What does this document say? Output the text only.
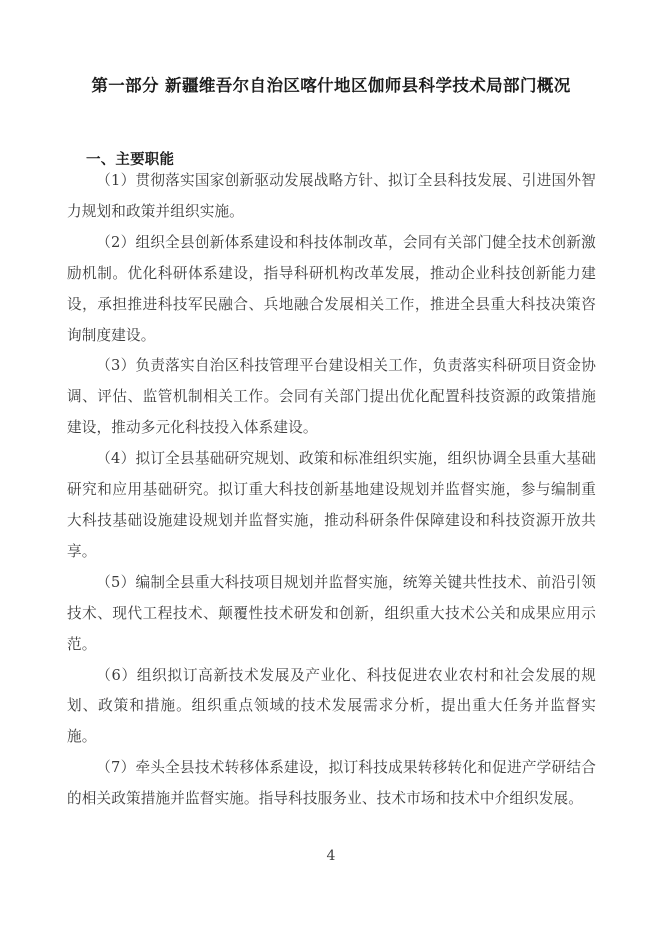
第一部分 新疆维吾尔自治区喀什地区伽师县科学技术局部门概况
一、主要职能

（1）贯彻落实国家创新驱动发展战略方针、拟订全县科技发展、引进国外智力规划和政策并组织实施。

（2）组织全县创新体系建设和科技体制改革，会同有关部门健全技术创新激励机制。优化科研体系建设，指导科研机构改革发展，推动企业科技创新能力建设，承担推进科技军民融合、兵地融合发展相关工作，推进全县重大科技决策咨询制度建设。

（3）负责落实自治区科技管理平台建设相关工作，负责落实科研项目资金协调、评估、监管机制相关工作。会同有关部门提出优化配置科技资源的政策措施建设，推动多元化科技投入体系建设。

（4）拟订全县基础研究规划、政策和标准组织实施，组织协调全县重大基础研究和应用基础研究。拟订重大科技创新基地建设规划并监督实施，参与编制重大科技基础设施建设规划并监督实施，推动科研条件保障建设和科技资源开放共享。

（5）编制全县重大科技项目规划并监督实施，统筹关键共性技术、前沿引领技术、现代工程技术、颠覆性技术研发和创新，组织重大技术公关和成果应用示范。

（6）组织拟订高新技术发展及产业化、科技促进农业农村和社会发展的规划、政策和措施。组织重点领域的技术发展需求分析，提出重大任务并监督实施。

（7）牵头全县技术转移体系建设，拟订科技成果转移转化和促进产学研结合的相关政策措施并监督实施。指导科技服务业、技术市场和技术中介组织发展。

4
